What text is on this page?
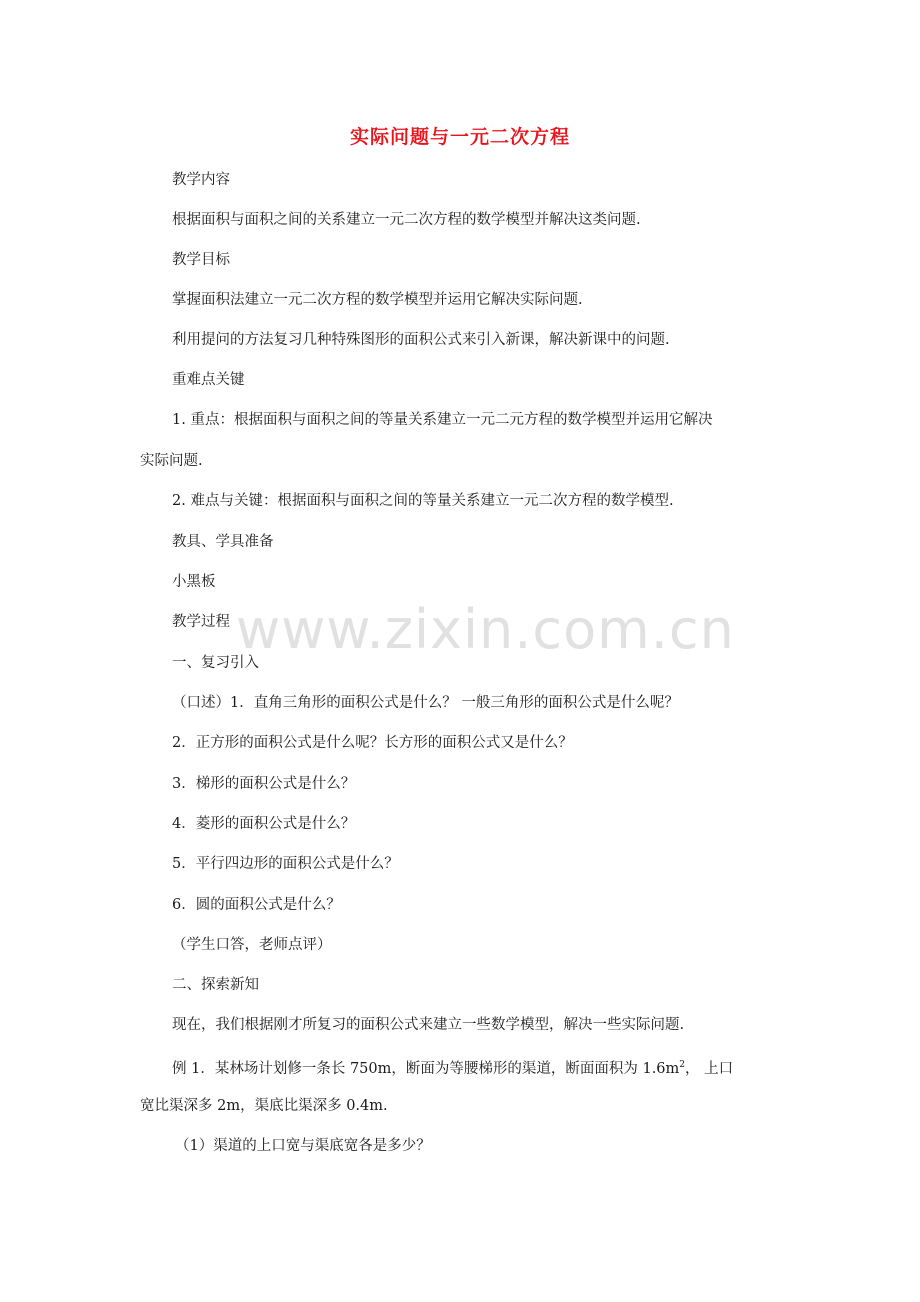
实际问题与一元二次方程
www.zixin.com.cn
教学内容
根据面积与面积之间的关系建立一元二次方程的数学模型并解决这类问题.
教学目标
掌握面积法建立一元二次方程的数学模型并运用它解决实际问题.
利用提问的方法复习几种特殊图形的面积公式来引入新课，解决新课中的问题.
重难点关键
1. 重点：根据面积与面积之间的等量关系建立一元二元方程的数学模型并运用它解决
实际问题.
2. 难点与关键：根据面积与面积之间的等量关系建立一元二次方程的数学模型.
教具、学具准备
小黑板
教学过程
一、复习引入
（口述）1．直角三角形的面积公式是什么？ 一般三角形的面积公式是什么呢？
2．正方形的面积公式是什么呢？长方形的面积公式又是什么？
3．梯形的面积公式是什么？
4．菱形的面积公式是什么？
5．平行四边形的面积公式是什么？
6．圆的面积公式是什么？
（学生口答，老师点评）
二、探索新知
现在，我们根据刚才所复习的面积公式来建立一些数学模型，解决一些实际问题.
例 1．某林场计划修一条长 750m，断面为等腰梯形的渠道，断面面积为 $1.6m^2$， 上口
宽比渠深多 2m，渠底比渠深多 0.4m.
（1）渠道的上口宽与渠底宽各是多少？
